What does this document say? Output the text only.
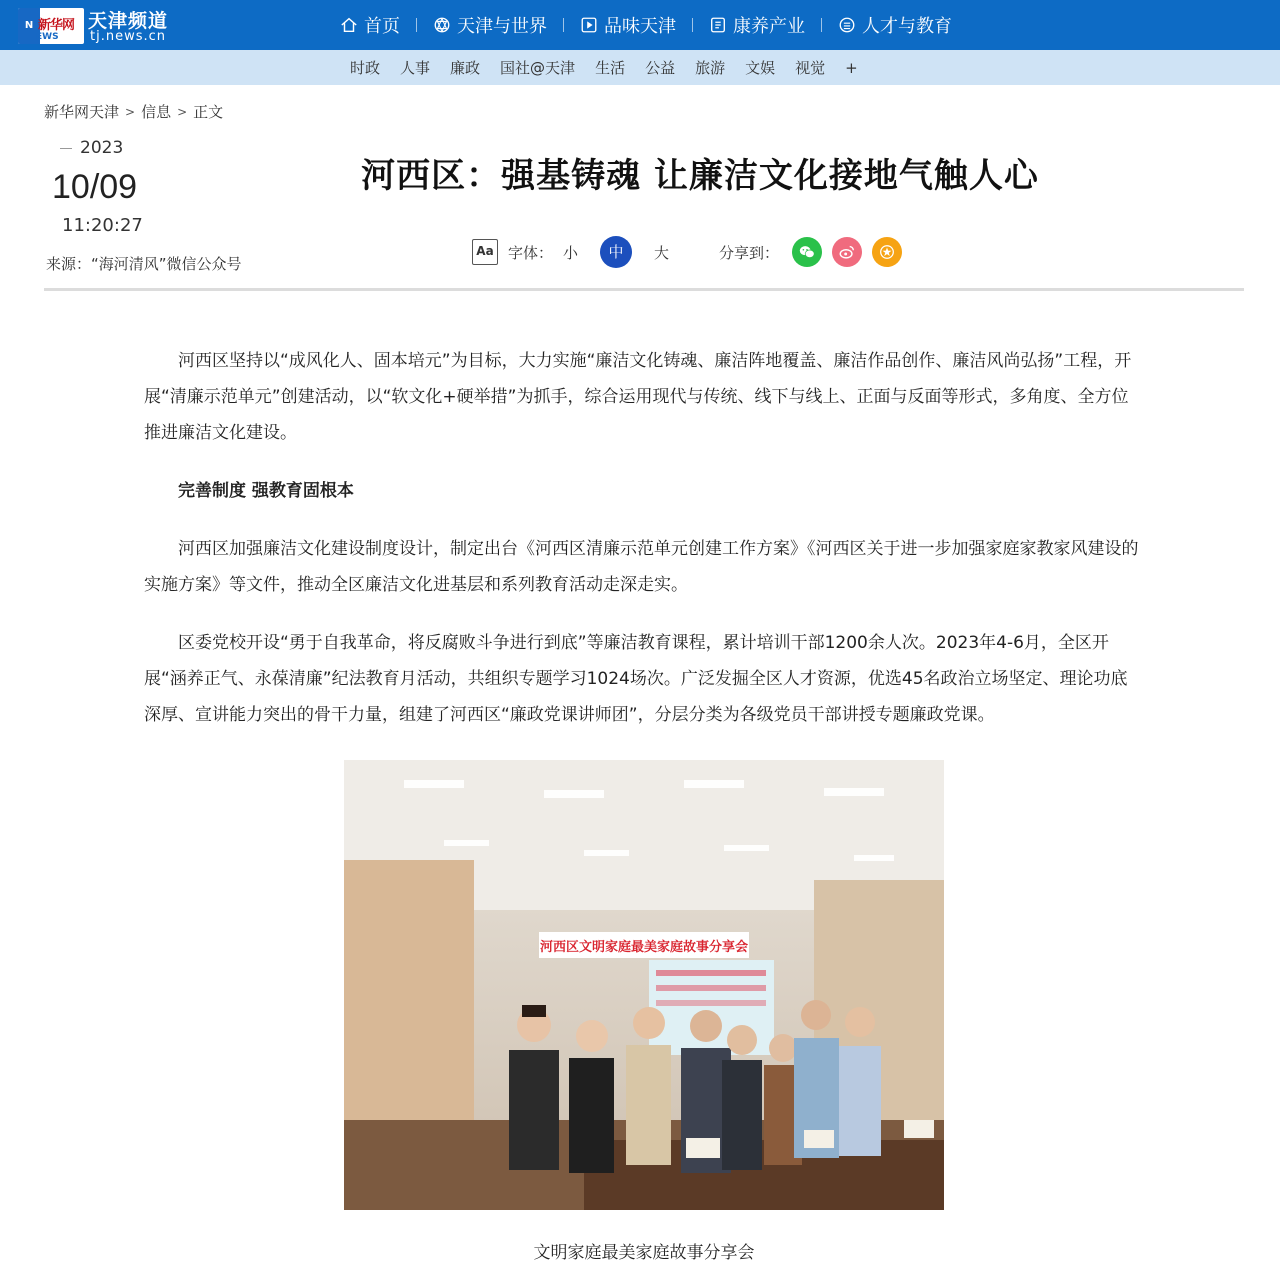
N 新华网
EWS
天津频道
tj.news.cn	首页	天津与世界	品味天津	康养产业	人才与教育
时政 人事 廉政 国社@天津 生活 公益 旅游 文娱 视觉 +
新华网天津 > 信息 > 正文
2023
10/09
11:20:27
来源：“海河清风”微信公众号
河西区：强基铸魂 让廉洁文化接地气触人心
Aa 字体： 小	中	大	分享到：

河西区坚持以“成风化人、固本培元”为目标，大力实施“廉洁文化铸魂、廉洁阵地覆盖、廉洁作品创作、廉洁风尚弘扬”工程，开展“清廉示范单元”创建活动，以“软文化+硬举措”为抓手，综合运用现代与传统、线下与线上、正面与反面等形式，多角度、全方位推进廉洁文化建设。

完善制度 强教育固根本

河西区加强廉洁文化建设制度设计，制定出台《河西区清廉示范单元创建工作方案》《河西区关于进一步加强家庭家教家风建设的实施方案》等文件，推动全区廉洁文化进基层和系列教育活动走深走实。

区委党校开设“勇于自我革命，将反腐败斗争进行到底”等廉洁教育课程，累计培训干部1200余人次。2023年4-6月，全区开展“涵养正气、永葆清廉”纪法教育月活动，共组织专题学习1024场次。广泛发掘全区人才资源，优选45名政治立场坚定、理论功底深厚、宣讲能力突出的骨干力量，组建了河西区“廉政党课讲师团”，分层分类为各级党员干部讲授专题廉政党课。

河西区文明家庭最美家庭故事分享会
文明家庭最美家庭故事分享会
